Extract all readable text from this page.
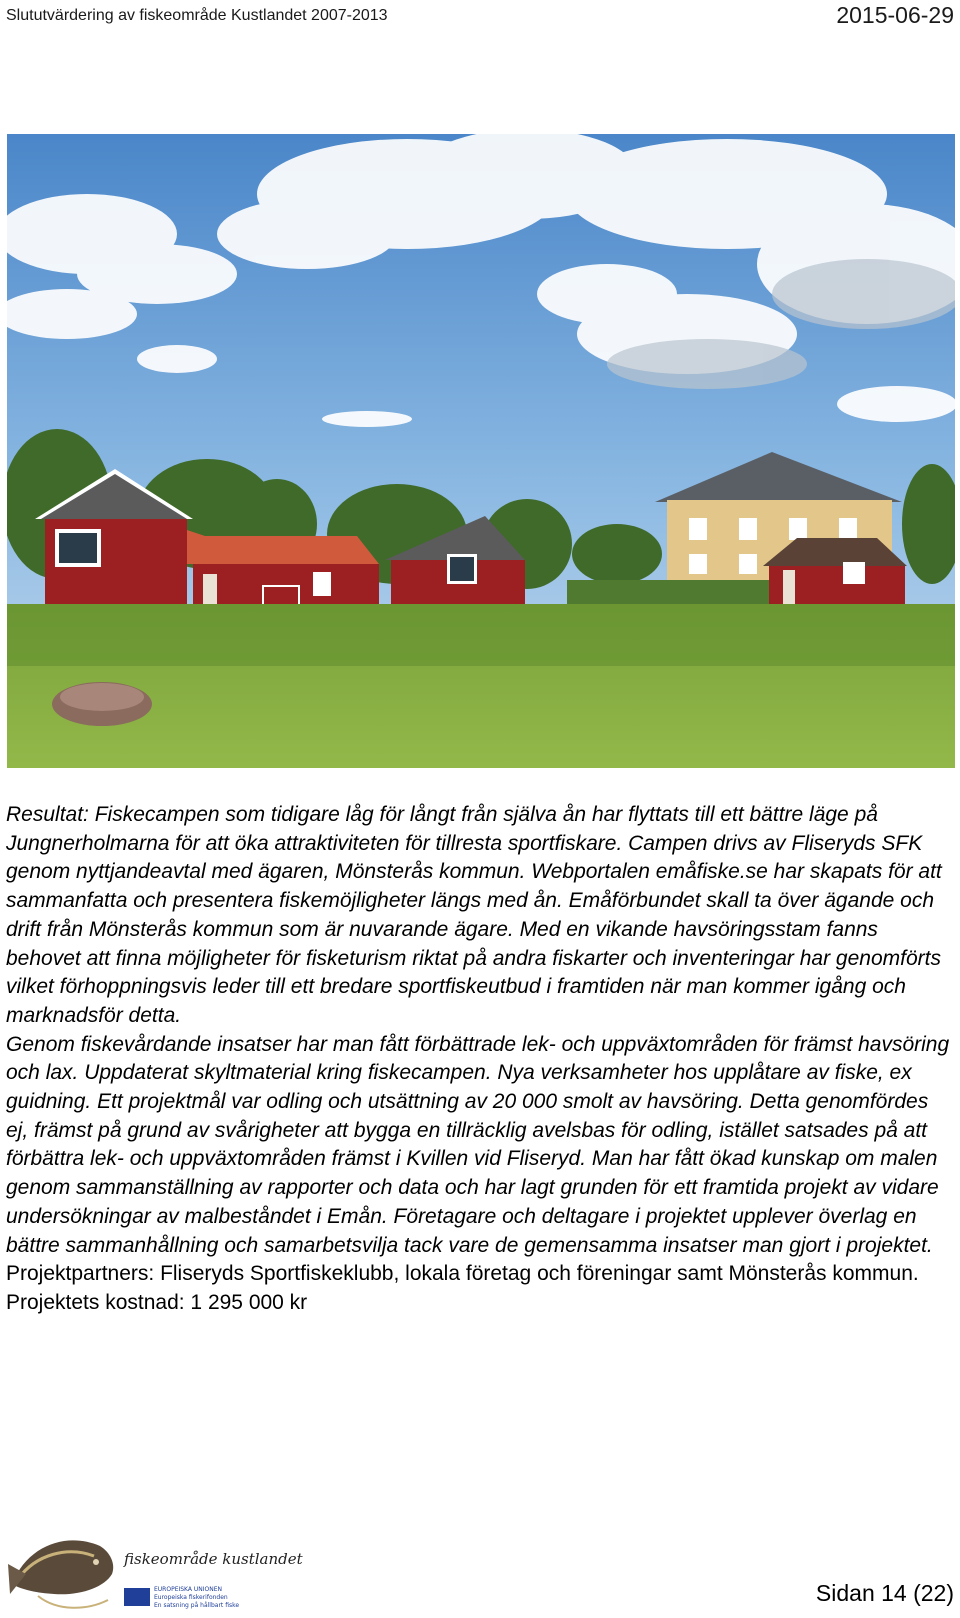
Slututvärdering av fiskeområde Kustlandet 2007-2013	2015-06-29

Resultat: Fiskecampen som tidigare låg för långt från själva ån har flyttats till ett bättre läge på Jungnerholmarna för att öka attraktiviteten för tillresta sportfiskare. Campen drivs av Fliseryds SFK genom nyttjandeavtal med ägaren, Mönsterås kommun. Webportalen emåfiske.se har skapats för att sammanfatta och presentera fiskemöjligheter längs med ån. Emåförbundet skall ta över ägande och drift från Mönsterås kommun som är nuvarande ägare. Med en vikande havsöringsstam fanns behovet att finna möjligheter för fisketurism riktat på andra fiskarter och inventeringar har genomförts vilket förhoppningsvis leder till ett bredare sportfiskeutbud i framtiden när man kommer igång och marknadsför detta.

Genom fiskevårdande insatser har man fått förbättrade lek- och uppväxtområden för främst havsöring och lax. Uppdaterat skyltmaterial kring fiskecampen. Nya verksamheter hos upplåtare av fiske, ex guidning. Ett projektmål var odling och utsättning av 20 000 smolt av havsöring. Detta genomfördes ej, främst på grund av svårigheter att bygga en tillräcklig avelsbas för odling, istället satsades på att förbättra lek- och uppväxtområden främst i Kvillen vid Fliseryd. Man har fått ökad kunskap om malen genom sammanställning av rapporter och data och har lagt grunden för ett framtida projekt av vidare undersökningar av malbeståndet i Emån. Företagare och deltagare i projektet upplever överlag en bättre sammanhållning och samarbetsvilja tack vare de gemensamma insatser man gjort i projektet.

Projektpartners: Fliseryds Sportfiskeklubb, lokala företag och föreningar samt Mönsterås kommun.

Projektets kostnad: 1 295 000 kr

fiskeområde kustlandet
EUROPEISKA UNIONEN
Europeiska fiskerifonden
En satsning på hållbart fiske	Sidan 14 (22)
